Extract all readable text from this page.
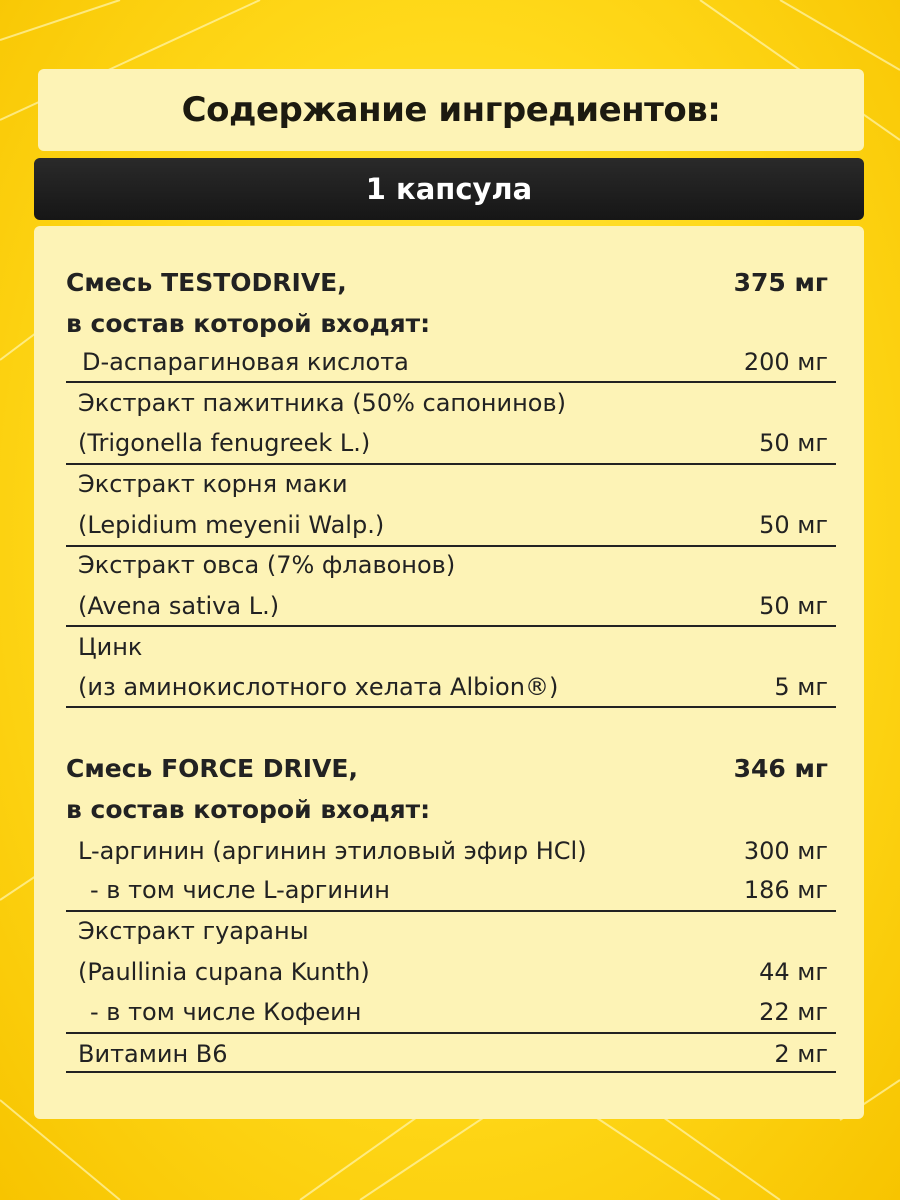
Содержание ингредиентов:
1 капсула
Смесь TESTODRIVE,	375 мг
в состав которой входят:
D-аспарагиновая кислота	200 мг
Экстракт пажитника (50% сапонинов)
(Trigonella fenugreek L.)	50 мг
Экстракт корня маки
(Lepidium meyenii Walp.)	50 мг
Экстракт овса (7% флавонов)
(Avena sativa L.)	50 мг
Цинк
(из аминокислотного хелата Albion®)	5 мг
Смесь FORCE DRIVE,	346 мг
в состав которой входят:
L-аргинин (аргинин этиловый эфир HCl)	300 мг
- в том числе L-аргинин	186 мг
Экстракт гуараны
(Paullinia cupana Kunth)	44 мг
- в том числе Кофеин	22 мг
Витамин B6	2 мг
